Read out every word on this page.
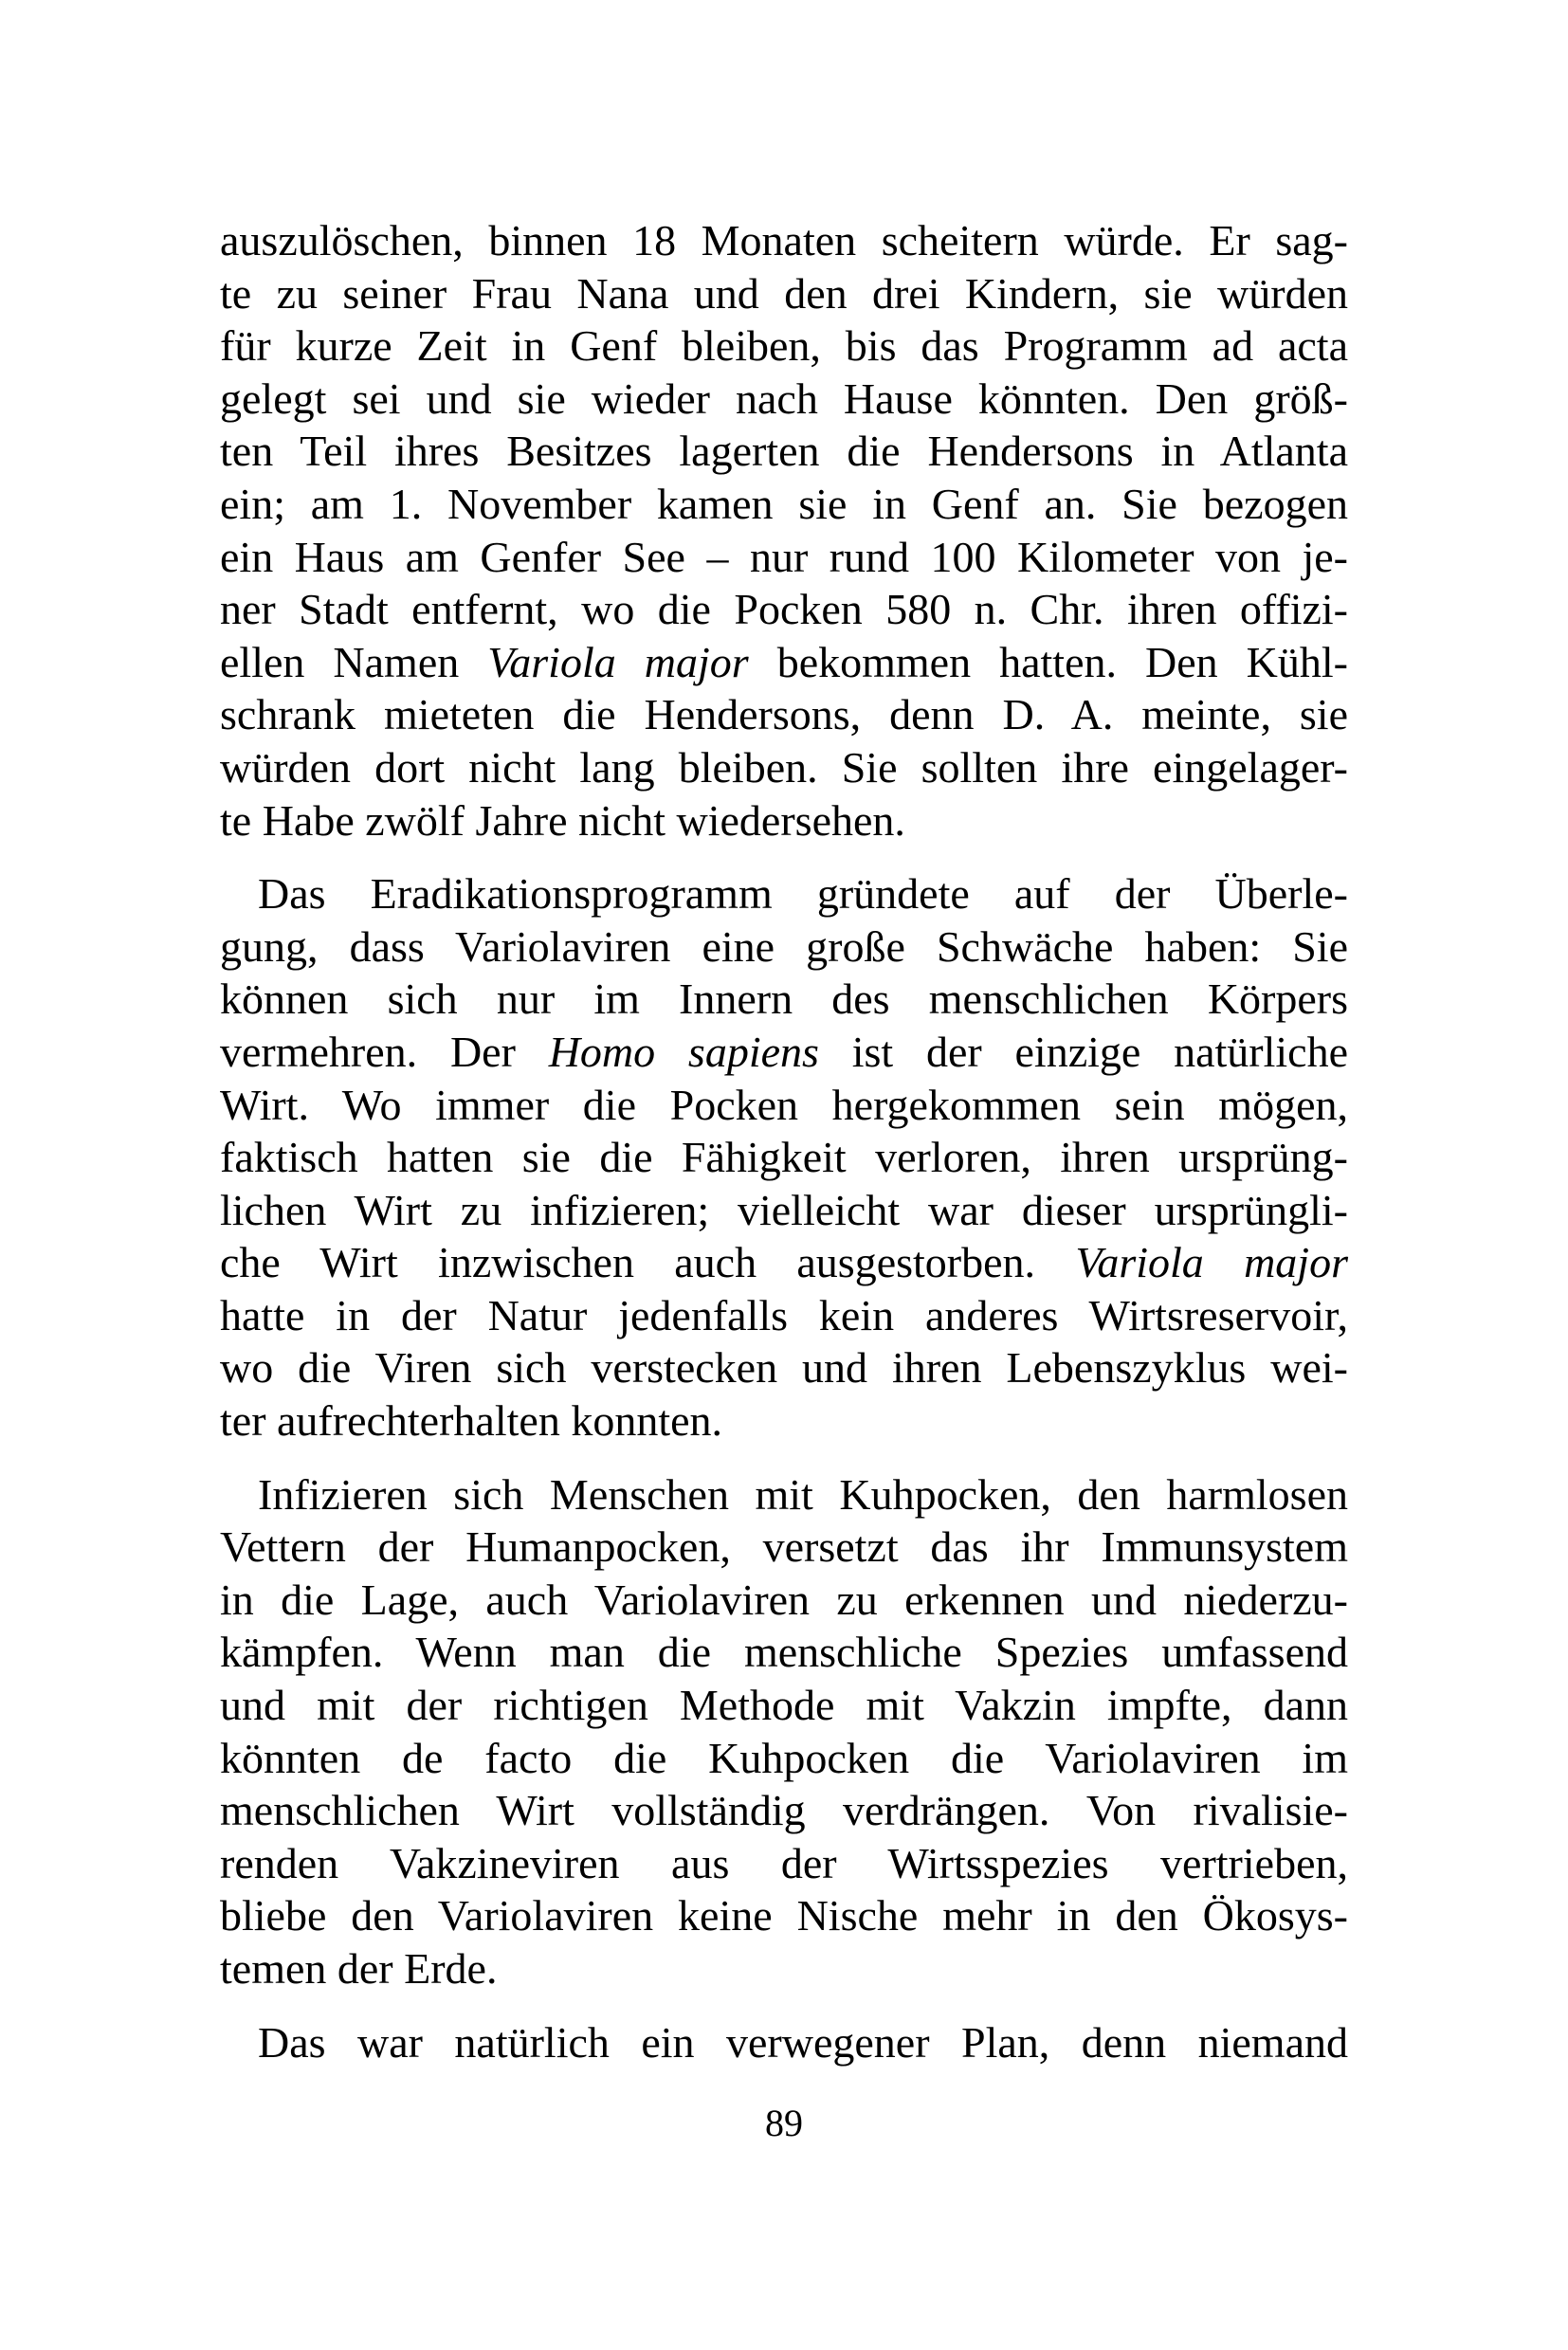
auszulöschen, binnen 18 Monaten scheitern würde. Er sag-
te zu seiner Frau Nana und den drei Kindern, sie würden
für kurze Zeit in Genf bleiben, bis das Programm ad acta
gelegt sei und sie wieder nach Hause könnten. Den größ-
ten Teil ihres Besitzes lagerten die Hendersons in Atlanta
ein; am 1. November kamen sie in Genf an. Sie bezogen
ein Haus am Genfer See – nur rund 100 Kilometer von je-
ner Stadt entfernt, wo die Pocken 580 n. Chr. ihren offizi-
ellen Namen Variola major bekommen hatten. Den Kühl-
schrank mieteten die Hendersons, denn D. A. meinte, sie
würden dort nicht lang bleiben. Sie sollten ihre eingelager-
te Habe zwölf Jahre nicht wiedersehen.
Das Eradikationsprogramm gründete auf der Überle-
gung, dass Variolaviren eine große Schwäche haben: Sie
können sich nur im Innern des menschlichen Körpers
vermehren. Der Homo sapiens ist der einzige natürliche
Wirt. Wo immer die Pocken hergekommen sein mögen,
faktisch hatten sie die Fähigkeit verloren, ihren ursprüng-
lichen Wirt zu infizieren; vielleicht war dieser ursprüngli-
che Wirt inzwischen auch ausgestorben. Variola major
hatte in der Natur jedenfalls kein anderes Wirtsreservoir,
wo die Viren sich verstecken und ihren Lebenszyklus wei-
ter aufrechterhalten konnten.
Infizieren sich Menschen mit Kuhpocken, den harmlosen
Vettern der Humanpocken, versetzt das ihr Immunsystem
in die Lage, auch Variolaviren zu erkennen und niederzu-
kämpfen. Wenn man die menschliche Spezies umfassend
und mit der richtigen Methode mit Vakzin impfte, dann
könnten de facto die Kuhpocken die Variolaviren im
menschlichen Wirt vollständig verdrängen. Von rivalisie-
renden Vakzineviren aus der Wirtsspezies vertrieben,
bliebe den Variolaviren keine Nische mehr in den Ökosys-
temen der Erde.
Das war natürlich ein verwegener Plan, denn niemand
89
